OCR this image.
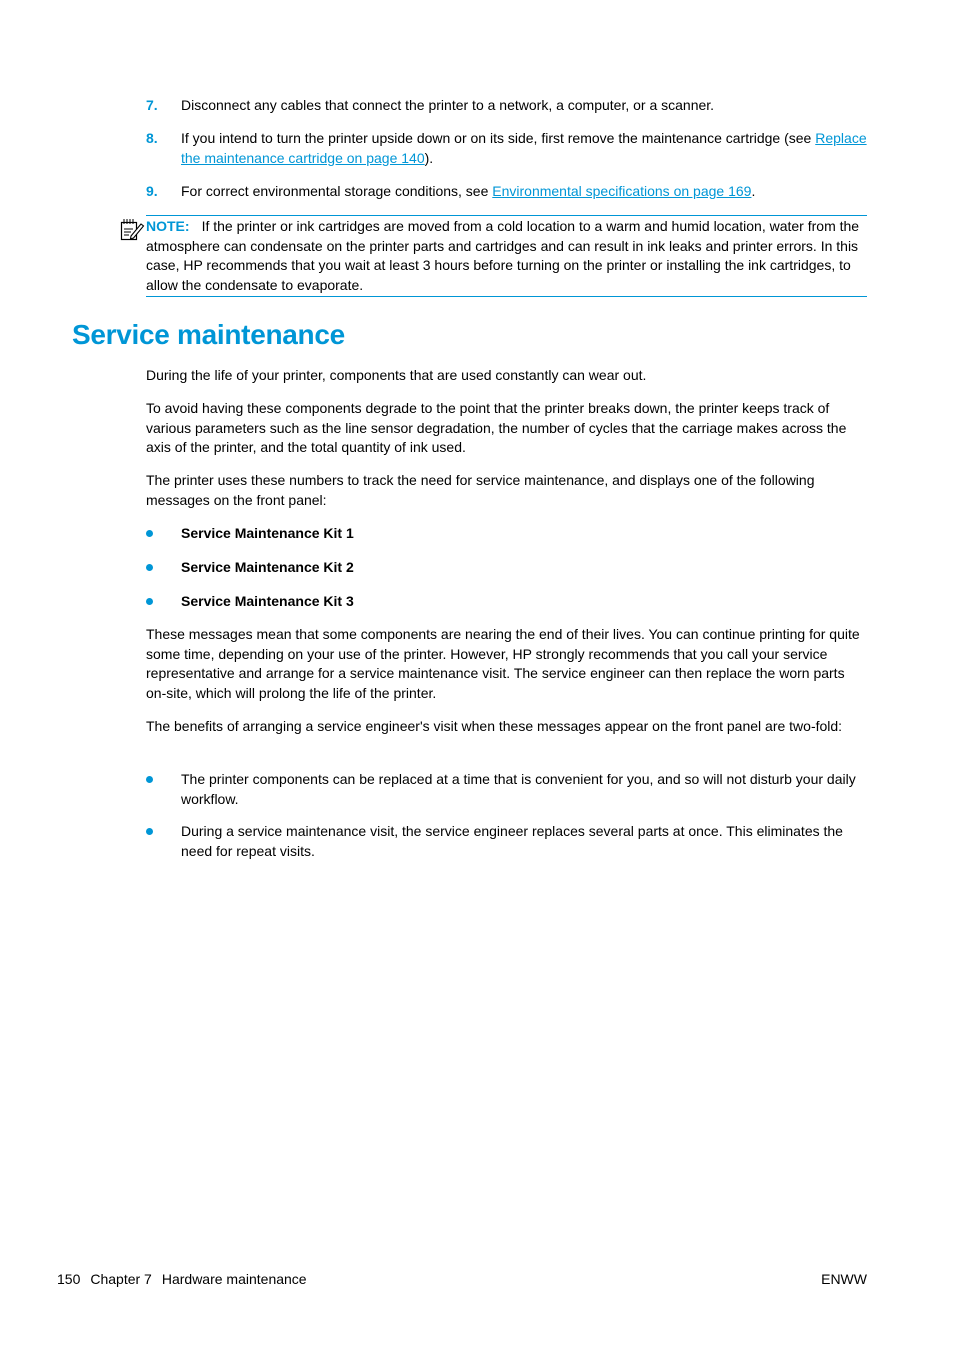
7. Disconnect any cables that connect the printer to a network, a computer, or a scanner.
8. If you intend to turn the printer upside down or on its side, first remove the maintenance cartridge (see Replace the maintenance cartridge on page 140).
9. For correct environmental storage conditions, see Environmental specifications on page 169.
NOTE: If the printer or ink cartridges are moved from a cold location to a warm and humid location, water from the atmosphere can condensate on the printer parts and cartridges and can result in ink leaks and printer errors. In this case, HP recommends that you wait at least 3 hours before turning on the printer or installing the ink cartridges, to allow the condensate to evaporate.
Service maintenance
During the life of your printer, components that are used constantly can wear out.
To avoid having these components degrade to the point that the printer breaks down, the printer keeps track of various parameters such as the line sensor degradation, the number of cycles that the carriage makes across the axis of the printer, and the total quantity of ink used.
The printer uses these numbers to track the need for service maintenance, and displays one of the following messages on the front panel:
Service Maintenance Kit 1
Service Maintenance Kit 2
Service Maintenance Kit 3
These messages mean that some components are nearing the end of their lives. You can continue printing for quite some time, depending on your use of the printer. However, HP strongly recommends that you call your service representative and arrange for a service maintenance visit. The service engineer can then replace the worn parts on-site, which will prolong the life of the printer.
The benefits of arranging a service engineer's visit when these messages appear on the front panel are two-fold:
The printer components can be replaced at a time that is convenient for you, and so will not disturb your daily workflow.
During a service maintenance visit, the service engineer replaces several parts at once. This eliminates the need for repeat visits.
150 Chapter 7 Hardware maintenance	ENWW
